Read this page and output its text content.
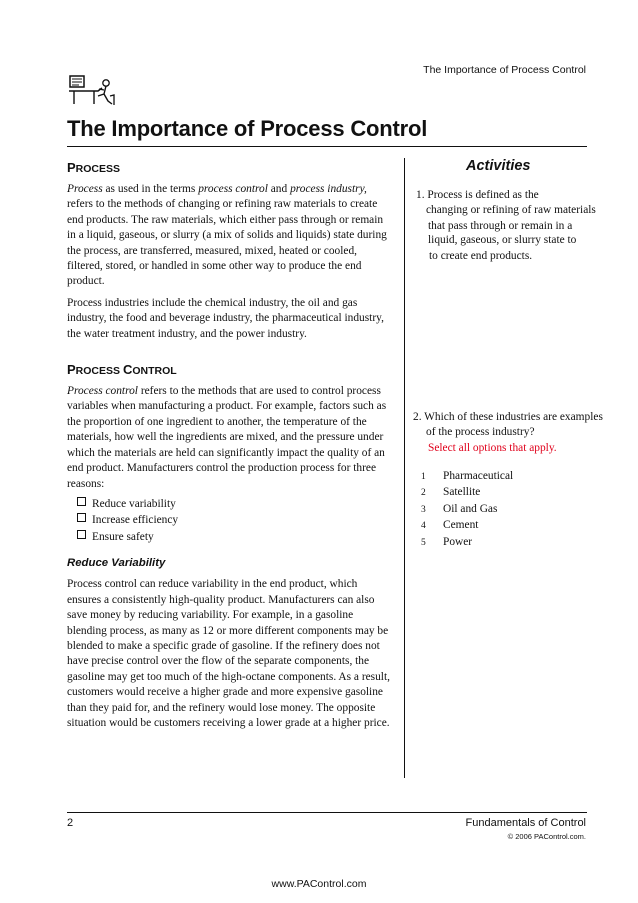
The Importance of Process Control
The Importance of Process Control
PROCESS

Process as used in the terms process control and process industry, refers to the methods of changing or refining raw materials to create end products. The raw materials, which either pass through or remain in a liquid, gaseous, or slurry (a mix of solids and liquids) state during the process, are transferred, measured, mixed, heated or cooled, filtered, stored, or handled in some other way to produce the end product.

Process industries include the chemical industry, the oil and gas industry, the food and beverage industry, the pharmaceutical industry, the water treatment industry, and the power industry.

PROCESS CONTROL

Process control refers to the methods that are used to control process variables when manufacturing a product. For example, factors such as the proportion of one ingredient to another, the temperature of the materials, how well the ingredients are mixed, and the pressure under which the materials are held can significantly impact the quality of an end product. Manufacturers control the production process for three reasons:

Reduce variability
Increase efficiency
Ensure safety
Reduce Variability

Process control can reduce variability in the end product, which ensures a consistently high-quality product. Manufacturers can also save money by reducing variability. For example, in a gasoline blending process, as many as 12 or more different components may be blended to make a specific grade of gasoline. If the refinery does not have precise control over the flow of the separate components, the gasoline may get too much of the high-octane components. As a result, customers would receive a higher grade and more expensive gasoline than they paid for, and the refinery would lose money. The opposite situation would be customers receiving a lower grade at a higher price.

Activities
1. Process is defined as the
changing or refining of raw materials
that pass through or remain in a
liquid, gaseous, or slurry state to
to create end products.
2. Which of these industries are examples
of the process industry?
Select all options that apply.
1 Pharmaceutical
2 Satellite
3 Oil and Gas
4 Cement
5 Power
2	Fundamentals of Control
© 2006 PAControl.com.
www.PAControl.com
